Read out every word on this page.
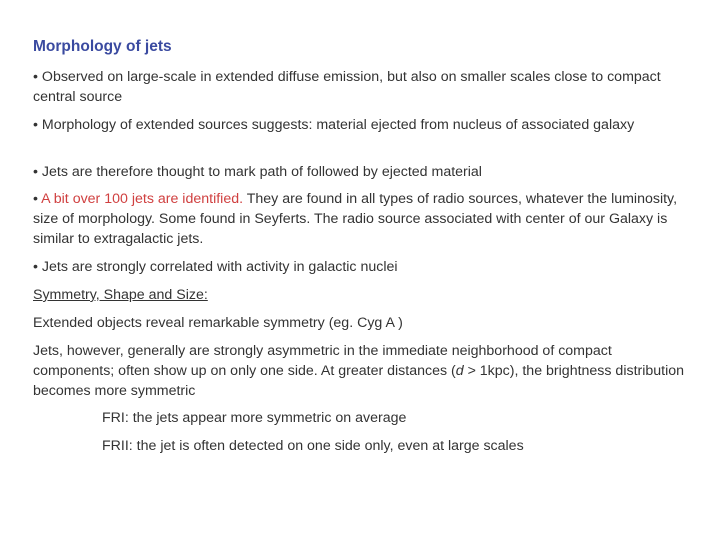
Morphology of jets

• Observed on large-scale in extended diffuse emission, but also on smaller scales close to compact central source

• Morphology of extended sources suggests: material ejected from nucleus of associated galaxy

• Jets are therefore thought to mark path of followed by ejected material

• A bit over 100 jets are identified. They are found in all types of radio sources, whatever the luminosity, size of morphology. Some found in Seyferts. The radio source associated with center of our Galaxy is similar to extragalactic jets.

• Jets are strongly correlated with activity in galactic nuclei

Symmetry, Shape and Size:

Extended objects reveal remarkable symmetry (eg. Cyg A )

Jets, however, generally are strongly asymmetric in the immediate neighborhood of compact components; often show up on only one side. At greater distances (d > 1kpc), the brightness distribution becomes more symmetric

FRI: the jets appear more symmetric on average

FRII: the jet is often detected on one side only, even at large scales
